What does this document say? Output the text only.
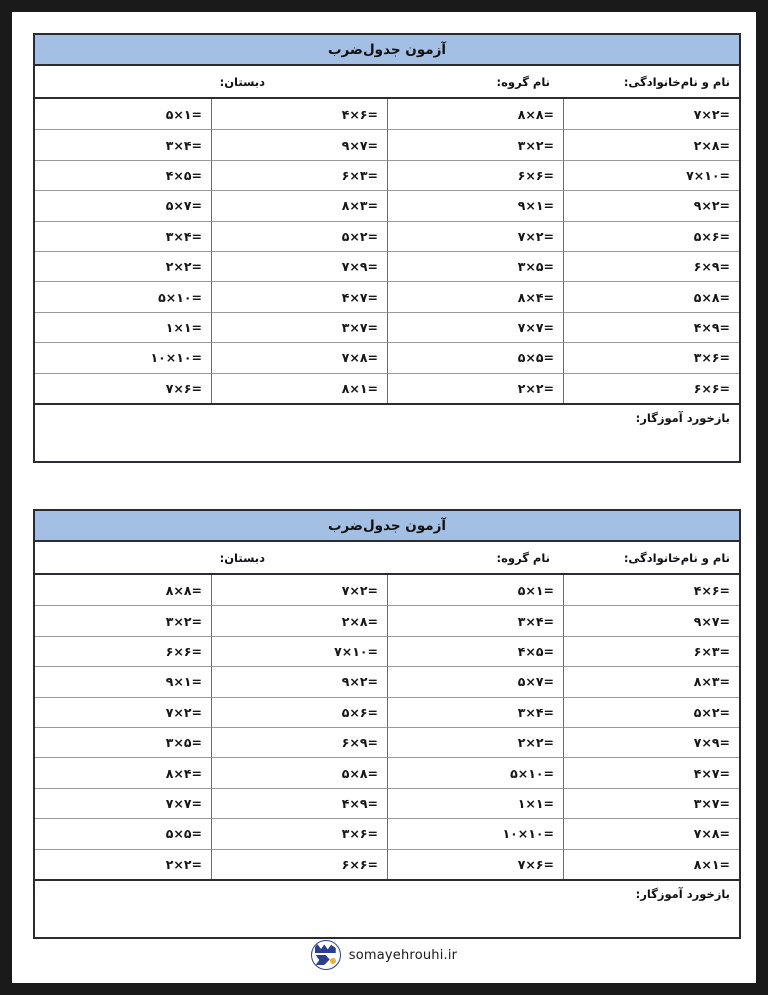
آزمون جدول‌ضرب
نام و نام‌خانوادگی:
نام گروه:
دبستان:
۷×۲=
۸×۸=
۴×۶=
۵×۱=
۲×۸=
۳×۲=
۹×۷=
۳×۴=
۷×۱۰=
۶×۶=
۶×۳=
۴×۵=
۹×۲=
۹×۱=
۸×۳=
۵×۷=
۵×۶=
۷×۲=
۵×۲=
۳×۴=
۶×۹=
۳×۵=
۷×۹=
۲×۲=
۵×۸=
۸×۴=
۴×۷=
۵×۱۰=
۴×۹=
۷×۷=
۳×۷=
۱×۱=
۳×۶=
۵×۵=
۷×۸=
۱۰×۱۰=
۶×۶=
۲×۲=
۸×۱=
۷×۶=
بازخورد آموزگار:
آزمون جدول‌ضرب
نام و نام‌خانوادگی:
نام گروه:
دبستان:
۴×۶=
۵×۱=
۷×۲=
۸×۸=
۹×۷=
۳×۴=
۲×۸=
۳×۲=
۶×۳=
۴×۵=
۷×۱۰=
۶×۶=
۸×۳=
۵×۷=
۹×۲=
۹×۱=
۵×۲=
۳×۴=
۵×۶=
۷×۲=
۷×۹=
۲×۲=
۶×۹=
۳×۵=
۴×۷=
۵×۱۰=
۵×۸=
۸×۴=
۳×۷=
۱×۱=
۴×۹=
۷×۷=
۷×۸=
۱۰×۱۰=
۳×۶=
۵×۵=
۸×۱=
۷×۶=
۶×۶=
۲×۲=
بازخورد آموزگار:
somayehrouhi.ir
